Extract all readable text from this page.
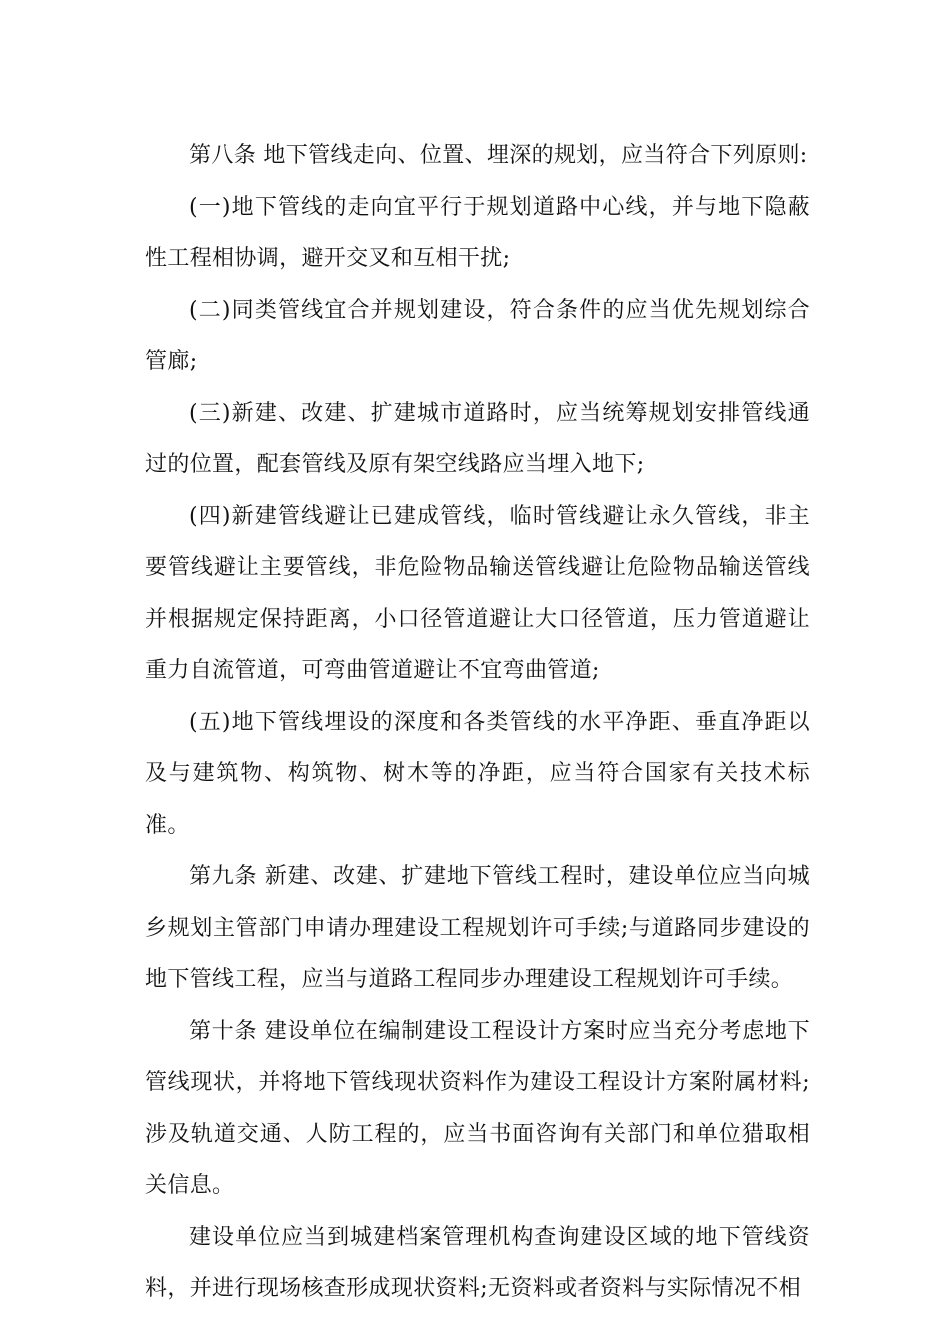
第八条 地下管线走向、位置、埋深的规划，应当符合下列原则:

(一)地下管线的走向宜平行于规划道路中心线，并与地下隐蔽性工程相协调，避开交叉和互相干扰;

(二)同类管线宜合并规划建设，符合条件的应当优先规划综合管廊;

(三)新建、改建、扩建城市道路时，应当统筹规划安排管线通过的位置，配套管线及原有架空线路应当埋入地下;

(四)新建管线避让已建成管线，临时管线避让永久管线，非主要管线避让主要管线，非危险物品输送管线避让危险物品输送管线并根据规定保持距离，小口径管道避让大口径管道，压力管道避让重力自流管道，可弯曲管道避让不宜弯曲管道;

(五)地下管线埋设的深度和各类管线的水平净距、垂直净距以及与建筑物、构筑物、树木等的净距，应当符合国家有关技术标准。

第九条 新建、改建、扩建地下管线工程时，建设单位应当向城乡规划主管部门申请办理建设工程规划许可手续;与道路同步建设的地下管线工程，应当与道路工程同步办理建设工程规划许可手续。

第十条 建设单位在编制建设工程设计方案时应当充分考虑地下管线现状，并将地下管线现状资料作为建设工程设计方案附属材料;涉及轨道交通、人防工程的，应当书面咨询有关部门和单位猎取相关信息。

建设单位应当到城建档案管理机构查询建设区域的地下管线资料，并进行现场核查形成现状资料;无资料或者资料与实际情况不相
